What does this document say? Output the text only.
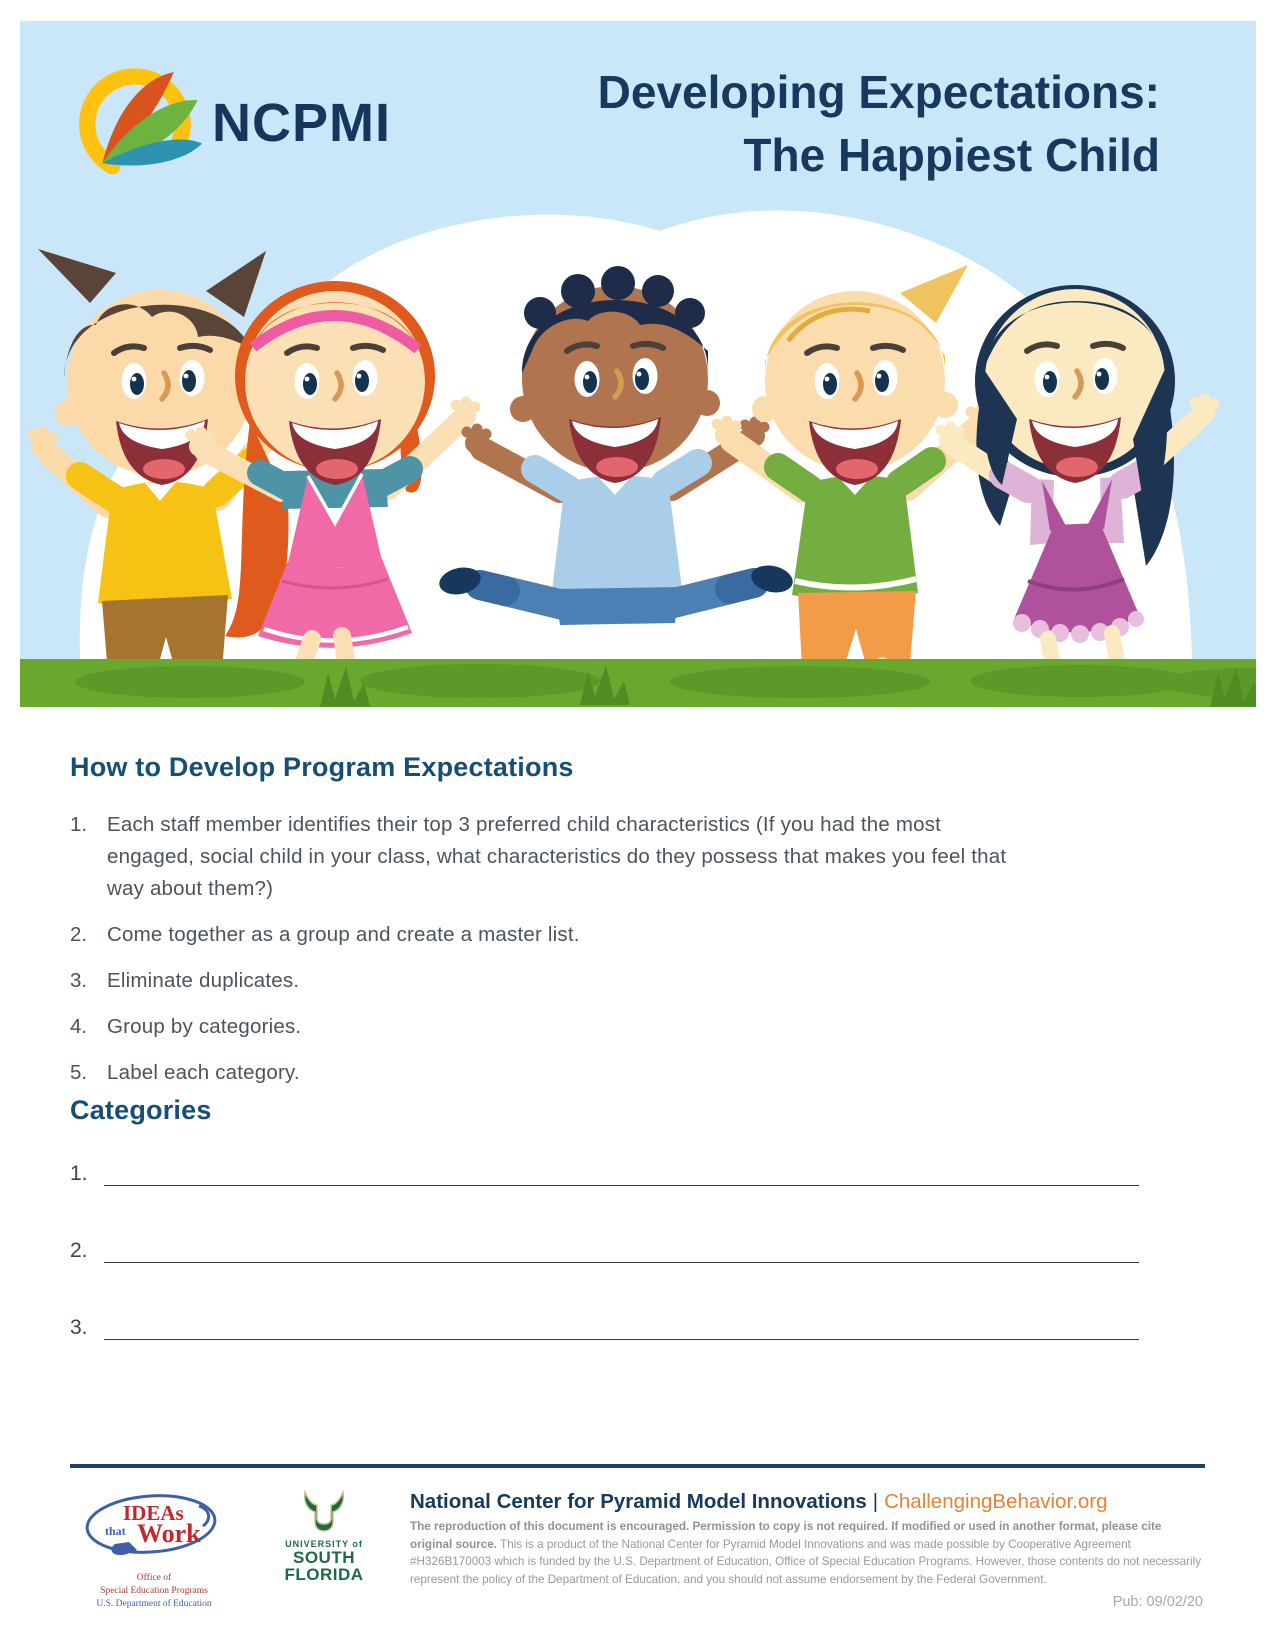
NCPMI
Developing Expectations:
The Happiest Child
How to Develop Program Expectations
1. Each staff member identifies their top 3 preferred child characteristics (If you had the most engaged, social child in your class, what characteristics do they possess that makes you feel that way about them?)
2. Come together as a group and create a master list.
3. Eliminate duplicates.
4. Group by categories.
5. Label each category.
Categories
1.
2.
3.
IDEAs
that Work
Office of
Special Education Programs
U.S. Department of Education
UNIVERSITY of
SOUTH
FLORIDA
National Center for Pyramid Model Innovations | ChallengingBehavior.org
The reproduction of this document is encouraged. Permission to copy is not required. If modified or used in another format, please cite original source. This is a product of the National Center for Pyramid Model Innovations and was made possible by Cooperative Agreement #H326B170003 which is funded by the U.S. Department of Education, Office of Special Education Programs. However, those contents do not necessarily represent the policy of the Department of Education, and you should not assume endorsement by the Federal Government.
Pub: 09/02/20
